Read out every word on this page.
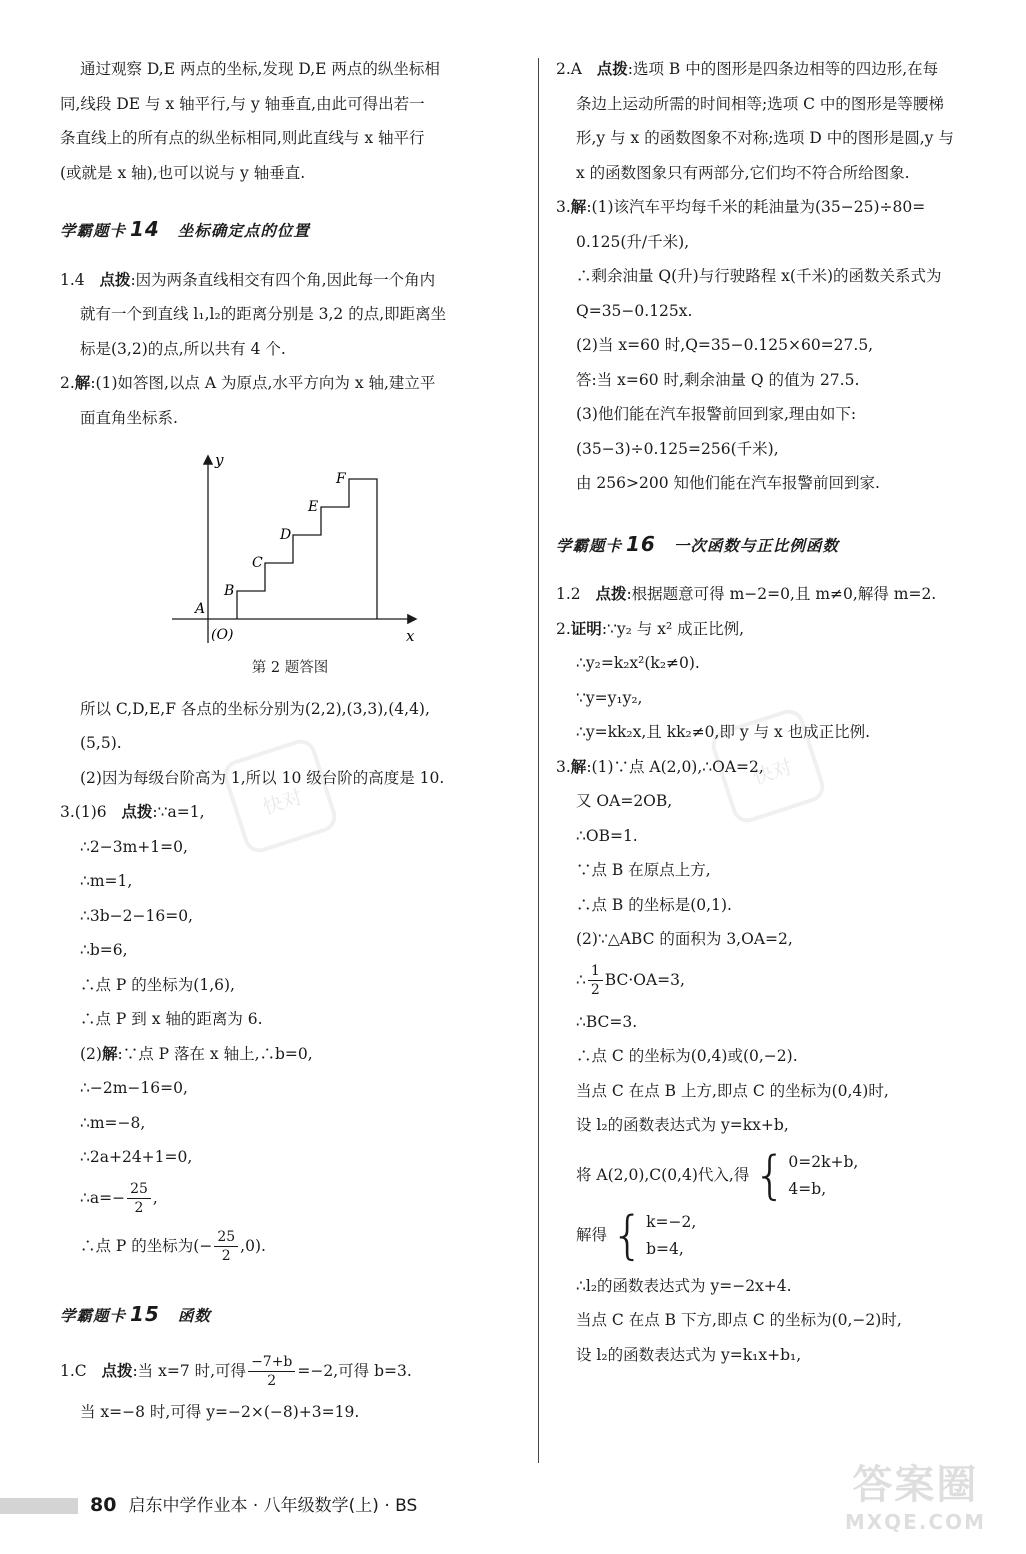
通过观察 D,E 两点的坐标,发现 D,E 两点的纵坐标相
同,线段 DE 与 x 轴平行,与 y 轴垂直,由此可得出若一
条直线上的所有点的纵坐标相同,则此直线与 x 轴平行
(或就是 x 轴),也可以说与 y 轴垂直.
学霸题卡 14 坐标确定点的位置
1.4 点拨:因为两条直线相交有四个角,因此每一个角内
就有一个到直线 l₁,l₂的距离分别是 3,2 的点,即距离坐
标是(3,2)的点,所以共有 4 个.
2.解:(1)如答图,以点 A 为原点,水平方向为 x 轴,建立平
面直角坐标系.
y
x
(O)
A
B
C
D
E
F
第 2 题答图
所以 C,D,E,F 各点的坐标分别为(2,2),(3,3),(4,4),
(5,5).
(2)因为每级台阶高为 1,所以 10 级台阶的高度是 10.
3.(1)6 点拨:∵a=1,
∴2−3m+1=0,
∴m=1,
∴3b−2−16=0,
∴b=6,
∴点 P 的坐标为(1,6),
∴点 P 到 x 轴的距离为 6.
(2)解:∵点 P 落在 x 轴上,∴b=0,
∴−2m−16=0,
∴m=−8,
∴2a+24+1=0,
∴a=− $\frac{25}{2}$ ,
∴点 P 的坐标为(− $\frac{25}{2} ,0$).
学霸题卡 15 函数
1.C
点拨 :当 x=7 时,可得 $\frac{-7+b}{2} =-2$,可得 b=3.
当 x=−8 时,可得 y=−2×(−8)+3=19.
2.A 点拨:选项 B 中的图形是四条边相等的四边形,在每
条边上运动所需的时间相等;选项 C 中的图形是等腰梯
形,y 与 x 的函数图象不对称;选项 D 中的图形是圆,y 与
x 的函数图象只有两部分,它们均不符合所给图象.
3.解:(1)该汽车平均每千米的耗油量为(35−25)÷80=
0.125(升/千米),
∴剩余油量 Q(升)与行驶路程 x(千米)的函数关系式为
Q=35−0.125x.
(2)当 x=60 时,Q=35−0.125×60=27.5,
答:当 x=60 时,剩余油量 Q 的值为 27.5.
(3)他们能在汽车报警前回到家,理由如下:
(35−3)÷0.125=256(千米),
由 256>200 知他们能在汽车报警前回到家.
学霸题卡 16 一次函数与正比例函数
1.2 点拨:根据题意可得 m−2=0,且 m≠0,解得 m=2.
2.证明:∵y₂ 与 x² 成正比例,
∴y₂=k₂x²(k₂≠0).
∵y=y₁y₂,
∴y=kk₂x,且 kk₂≠0,即 y 与 x 也成正比例.
3.解:(1)∵点 A(2,0),∴OA=2,
又 OA=2OB,
∴OB=1.
∵点 B 在原点上方,
∴点 B 的坐标是(0,1).
(2)∵△ABC 的面积为 3,OA=2,
∴ $\frac{1}{2} BC\cdot OA=3$,
∴BC=3.
∴点 C 的坐标为(0,4)或(0,−2).
当点 C 在点 B 上方,即点 C 的坐标为(0,4)时,
设 l₂的函数表达式为 y=kx+b,
将 A(2,0),C(0,4)代入,得 { 0=2k+b,
4=b,
解得 { k=−2,
b=4,
∴l₂的函数表达式为 y=−2x+4.
当点 C 在点 B 下方,即点 C 的坐标为(0,−2)时,
设 l₂的函数表达式为 y=k₁x+b₁,
80 启东中学作业本 · 八年级数学(上) · BS
快对
快对
答案圈
MXQE.COM
